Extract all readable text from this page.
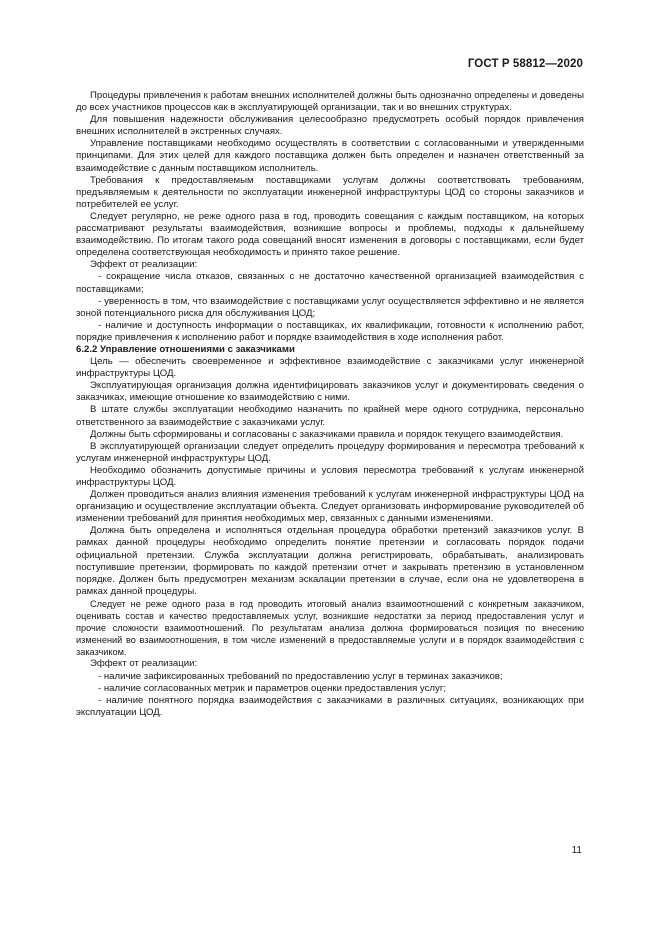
ГОСТ Р 58812—2020

Процедуры привлечения к работам внешних исполнителей должны быть однозначно определены и доведены до всех участников процессов как в эксплуатирующей организации, так и во внешних структурах.

Для повышения надежности обслуживания целесообразно предусмотреть особый порядок привлечения внешних исполнителей в экстренных случаях.

Управление поставщиками необходимо осуществлять в соответствии с согласованными и утвержденными принципами. Для этих целей для каждого поставщика должен быть определен и назначен ответственный за взаимодействие с данным поставщиком исполнитель.

Требования к предоставляемым поставщиками услугам должны соответствовать требованиям, предъявляемым к деятельности по эксплуатации инженерной инфраструктуры ЦОД со стороны заказчиков и потребителей ее услуг.

Следует регулярно, не реже одного раза в год, проводить совещания с каждым поставщиком, на которых рассматривают результаты взаимодействия, возникшие вопросы и проблемы, подходы к дальнейшему взаимодействию. По итогам такого рода совещаний вносят изменения в договоры с поставщиками, если будет определена соответствующая необходимость и принято такое решение.

Эффект от реализации:

- сокращение числа отказов, связанных с не достаточно качественной организацией взаимодействия с поставщиками;

- уверенность в том, что взаимодействие с поставщиками услуг осуществляется эффективно и не является зоной потенциального риска для обслуживания ЦОД;

- наличие и доступность информации о поставщиках, их квалификации, готовности к исполнению работ, порядке привлечения к исполнению работ и порядке взаимодействия в ходе исполнения работ.

6.2.2 Управление отношениями с заказчиками

Цель — обеспечить своевременное и эффективное взаимодействие с заказчиками услуг инженерной инфраструктуры ЦОД.

Эксплуатирующая организация должна идентифицировать заказчиков услуг и документировать сведения о заказчиках, имеющие отношение ко взаимодействию с ними.

В штате службы эксплуатации необходимо назначить по крайней мере одного сотрудника, персонально ответственного за взаимодействие с заказчиками услуг.

Должны быть сформированы и согласованы с заказчиками правила и порядок текущего взаимодействия.

В эксплуатирующей организации следует определить процедуру формирования и пересмотра требований к услугам инженерной инфраструктуры ЦОД.

Необходимо обозначить допустимые причины и условия пересмотра требований к услугам инженерной инфраструктуры ЦОД.

Должен проводиться анализ влияния изменения требований к услугам инженерной инфраструктуры ЦОД на организацию и осуществление эксплуатации объекта. Следует организовать информирование руководителей об изменении требований для принятия необходимых мер, связанных с данными изменениями.

Должна быть определена и исполняться отдельная процедура обработки претензий заказчиков услуг. В рамках данной процедуры необходимо определить понятие претензии и согласовать порядок подачи официальной претензии. Служба эксплуатации должна регистрировать, обрабатывать, анализировать поступившие претензии, формировать по каждой претензии отчет и закрывать претензию в установленном порядке. Должен быть предусмотрен механизм эскалации претензии в случае, если она не удовлетворена в рамках данной процедуры.

Следует не реже одного раза в год проводить итоговый анализ взаимоотношений с конкретным заказчиком, оценивать состав и качество предоставляемых услуг, возникшие недостатки за период предоставления услуг и прочие сложности взаимоотношений. По результатам анализа должна формироваться позиция по внесению изменений во взаимоотношения, в том числе изменений в предоставляемые услуги и в порядок взаимодействия с заказчиком.

Эффект от реализации:

- наличие зафиксированных требований по предоставлению услуг в терминах заказчиков;

- наличие согласованных метрик и параметров оценки предоставления услуг;

- наличие понятного порядка взаимодействия с заказчиками в различных ситуациях, возникающих при эксплуатации ЦОД.

11
